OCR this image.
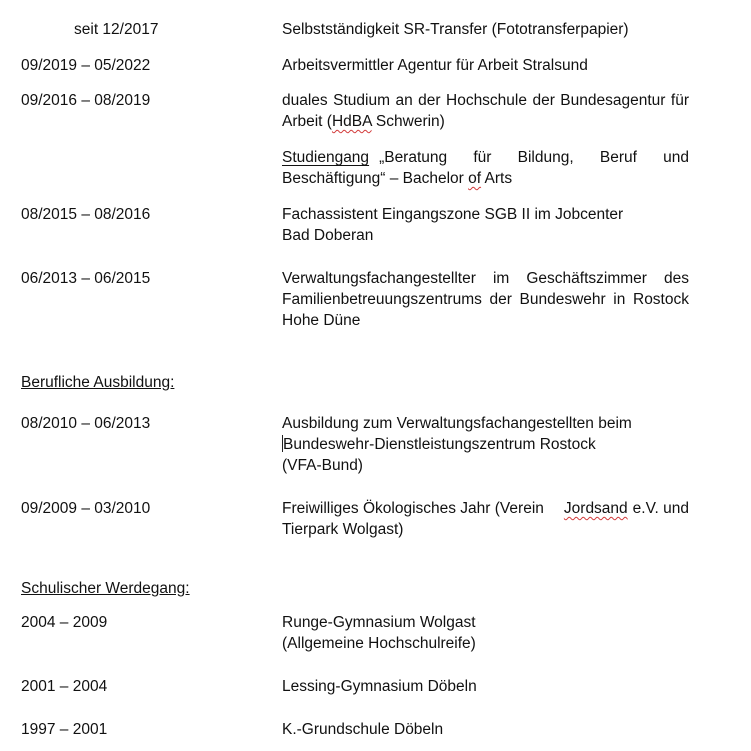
seit 12/2017	Selbstständigkeit SR-Transfer (Fototransferpapier)
09/2019 – 05/2022	Arbeitsvermittler Agentur für Arbeit Stralsund
09/2016 – 08/2019	duales Studium an der Hochschule der Bundesagentur für
Arbeit (HdBA Schwerin)
Studiengang „Beratung für Bildung, Beruf und
Beschäftigung“ – Bachelor of Arts
08/2015 – 08/2016	Fachassistent Eingangszone SGB II im Jobcenter
Bad Doberan
06/2013 – 06/2015	Verwaltungsfachangestellter im Geschäftszimmer des
Familienbetreuungszentrums der Bundeswehr in Rostock
Hohe Düne
Berufliche Ausbildung:
08/2010 – 06/2013	Ausbildung zum Verwaltungsfachangestellten beim
Bundeswehr-Dienstleistungszentrum Rostock
(VFA-Bund)
09/2009 – 03/2010	Freiwilliges Ökologisches Jahr (Verein	Jordsand e.V. und
Tierpark Wolgast)
Schulischer Werdegang:
2004 – 2009	Runge-Gymnasium Wolgast
(Allgemeine Hochschulreife)
2001 – 2004	Lessing-Gymnasium Döbeln
1997 – 2001	K.-Grundschule Döbeln
